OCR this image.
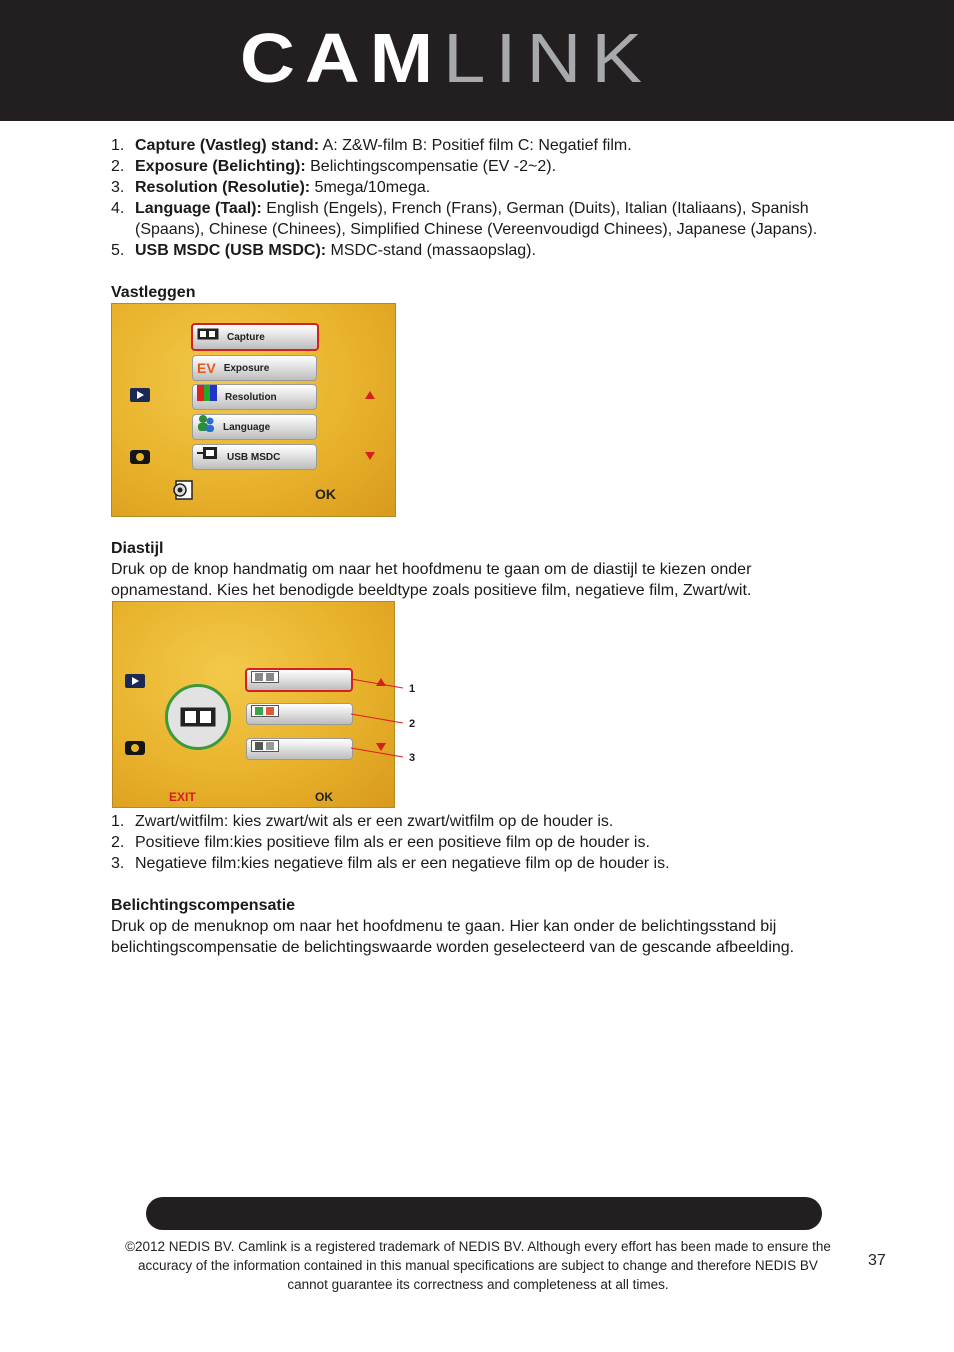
CAM LINK
1. Capture (Vastleg) stand: A: Z&W-film B: Positief film C: Negatief film.
2. Exposure (Belichting): Belichtingscompensatie (EV -2~2).
3. Resolution (Resolutie): 5mega/10mega.
4. Language (Taal): English (Engels), French (Frans), German (Duits), Italian (Italiaans), Spanish (Spaans), Chinese (Chinees), Simplified Chinese (Vereenvoudigd Chinees), Japanese (Japans).
5. USB MSDC (USB MSDC): MSDC-stand (massaopslag).

Vastleggen

Capture
EV Exposure
Resolution
Language
USB MSDC
OK

Diastijl

Druk op de knop handmatig om naar het hoofdmenu te gaan om de diastijl te kiezen onder opnamestand. Kies het benodigde beeldtype zoals positieve film, negatieve film, Zwart/wit.

EXIT	OK
1
2
3
1. Zwart/witfilm: kies zwart/wit als er een zwart/witfilm op de houder is.
2. Positieve film:kies positieve film als er een positieve film op de houder is.
3. Negatieve film:kies negatieve film als er een negatieve film op de houder is.

Belichtingscompensatie

Druk op de menuknop om naar het hoofdmenu te gaan. Hier kan onder de belichtingsstand bij belichtingscompensatie de belichtingswaarde worden geselecteerd van de gescande afbeelding.

©2012 NEDIS BV. Camlink is a registered trademark of NEDIS BV. Although every effort has been made to ensure the accuracy of the information contained in this manual specifications are subject to change and therefore NEDIS BV cannot guarantee its correctness and completeness at all times.
37
